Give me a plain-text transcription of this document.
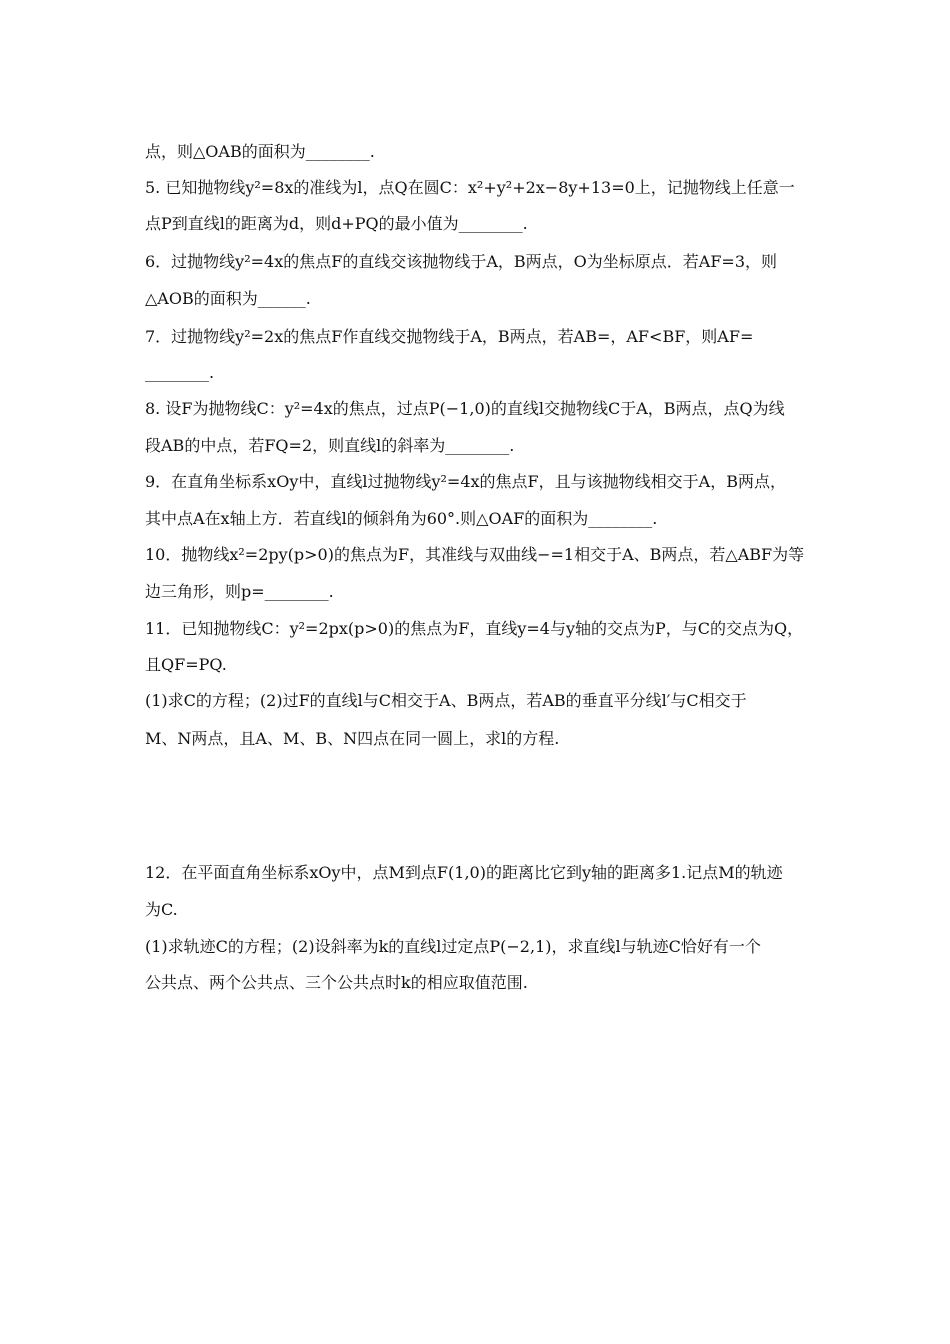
点，则△OAB的面积为________.
5. 已知抛物线y²=8x的准线为l，点Q在圆C：x²+y²+2x−8y+13=0上，记抛物线上任意一
点P到直线l的距离为d，则d+PQ的最小值为________.
6．过抛物线y²=4x的焦点F的直线交该抛物线于A，B两点，O为坐标原点．若AF=3，则
△AOB的面积为______.
7．过抛物线y²=2x的焦点F作直线交抛物线于A，B两点，若AB=，AF<BF，则AF=
________.
8. 设F为抛物线C：y²=4x的焦点，过点P(−1,0)的直线l交抛物线C于A，B两点，点Q为线
段AB的中点，若FQ=2，则直线l的斜率为________.
9．在直角坐标系xOy中，直线l过抛物线y²=4x的焦点F，且与该抛物线相交于A，B两点，
其中点A在x轴上方．若直线l的倾斜角为60°.则△OAF的面积为________.
10．抛物线x²=2py(p>0)的焦点为F，其准线与双曲线−=1相交于A、B两点，若△ABF为等
边三角形，则p=________.
11．已知抛物线C：y²=2px(p>0)的焦点为F，直线y=4与y轴的交点为P，与C的交点为Q，
且QF=PQ.
(1)求C的方程；(2)过F的直线l与C相交于A、B两点，若AB的垂直平分线l′与C相交于
M、N两点，且A、M、B、N四点在同一圆上，求l的方程.
12．在平面直角坐标系xOy中，点M到点F(1,0)的距离比它到y轴的距离多1.记点M的轨迹
为C.
(1)求轨迹C的方程；(2)设斜率为k的直线l过定点P(−2,1)，求直线l与轨迹C恰好有一个
公共点、两个公共点、三个公共点时k的相应取值范围.
